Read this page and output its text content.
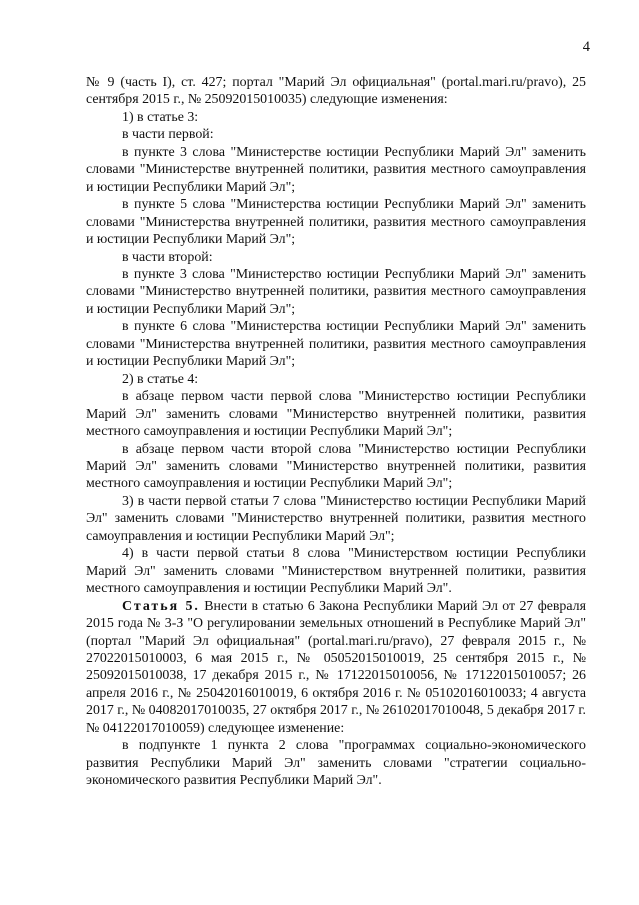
4

№ 9 (часть I), ст. 427; портал "Марий Эл официальная" (portal.mari.ru/pravo), 25 сентября 2015 г., № 25092015010035) следующие изменения:

1) в статье 3:

в части первой:

в пункте 3 слова "Министерстве юстиции Республики Марий Эл" заменить словами "Министерстве внутренней политики, развития местного самоуправления и юстиции Республики Марий Эл";

в пункте 5 слова "Министерства юстиции Республики Марий Эл" заменить словами "Министерства внутренней политики, развития местного самоуправления и юстиции Республики Марий Эл";

в части второй:

в пункте 3 слова "Министерство юстиции Республики Марий Эл" заменить словами "Министерство внутренней политики, развития местного самоуправления и юстиции Республики Марий Эл";

в пункте 6 слова "Министерства юстиции Республики Марий Эл" заменить словами "Министерства внутренней политики, развития местного самоуправления и юстиции Республики Марий Эл";

2) в статье 4:

в абзаце первом части первой слова "Министерство юстиции Республики Марий Эл" заменить словами "Министерство внутренней политики, развития местного самоуправления и юстиции Республики Марий Эл";

в абзаце первом части второй слова "Министерство юстиции Республики Марий Эл" заменить словами "Министерство внутренней политики, развития местного самоуправления и юстиции Республики Марий Эл";

3) в части первой статьи 7 слова "Министерство юстиции Республики Марий Эл" заменить словами "Министерство внутренней политики, развития местного самоуправления и юстиции Республики Марий Эл";

4) в части первой статьи 8 слова "Министерством юстиции Республики Марий Эл" заменить словами "Министерством внутренней политики, развития местного самоуправления и юстиции Республики Марий Эл".

Статья 5. Внести в статью 6 Закона Республики Марий Эл от 27 февраля 2015 года № 3-З "О регулировании земельных отношений в Республике Марий Эл" (портал "Марий Эл официальная" (portal.mari.ru/pravo), 27 февраля 2015 г., № 27022015010003, 6 мая 2015 г., № 05052015010019, 25 сентября 2015 г., № 25092015010038, 17 декабря 2015 г., № 17122015010056, № 17122015010057; 26 апреля 2016 г., № 25042016010019, 6 октября 2016 г. № 05102016010033; 4 августа 2017 г., № 04082017010035, 27 октября 2017 г., № 26102017010048, 5 декабря 2017 г. № 04122017010059) следующее изменение:

в подпункте 1 пункта 2 слова "программах социально-экономического развития Республики Марий Эл" заменить словами "стратегии социально-экономического развития Республики Марий Эл".
